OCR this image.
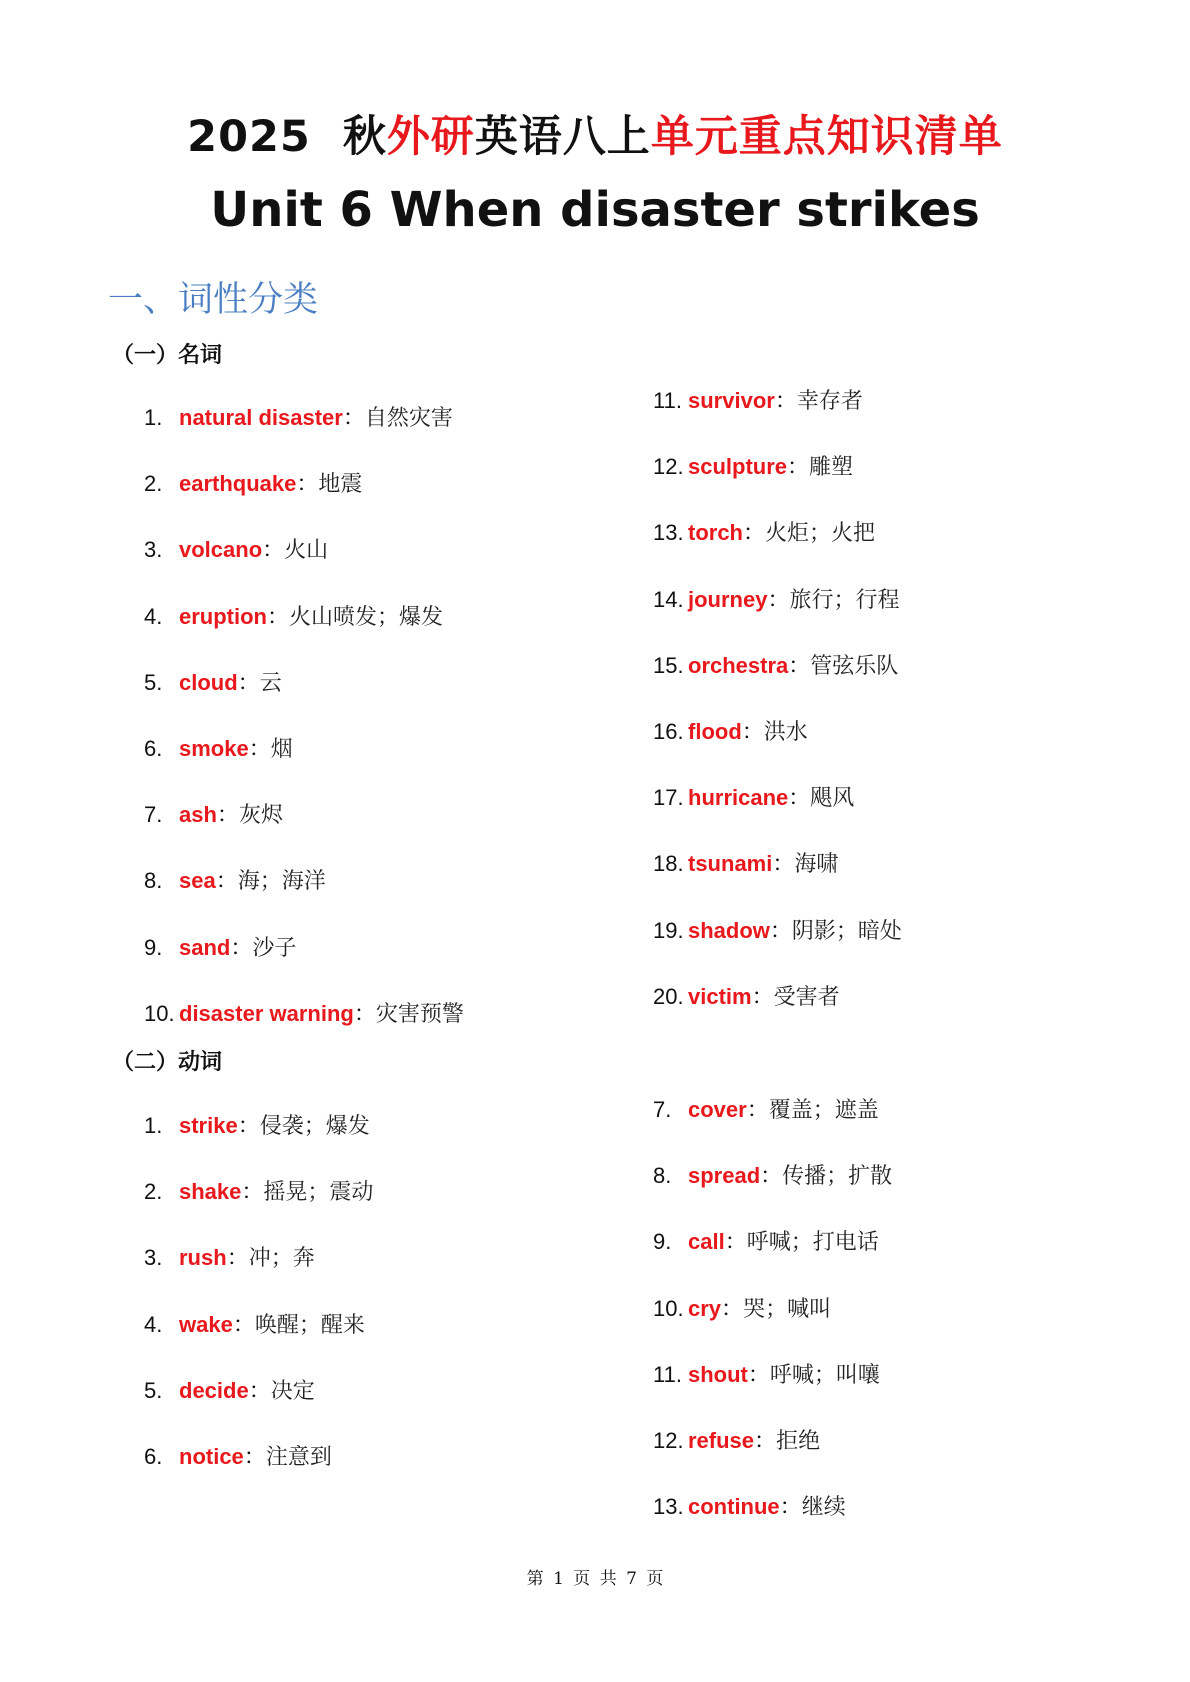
2025 秋外研英语八上单元重点知识清单
Unit 6 When disaster strikes
一、词性分类
（一）名词
1. natural disaster：自然灾害
2. earthquake：地震
3. volcano：火山
4. eruption：火山喷发；爆发
5. cloud：云
6. smoke：烟
7. ash：灰烬
8. sea：海；海洋
9. sand：沙子
10. disaster warning：灾害预警
11. survivor：幸存者
12. sculpture：雕塑
13. torch：火炬；火把
14. journey：旅行；行程
15. orchestra：管弦乐队
16. flood：洪水
17. hurricane：飓风
18. tsunami：海啸
19. shadow：阴影；暗处
20. victim：受害者
（二）动词
1. strike：侵袭；爆发
2. shake：摇晃；震动
3. rush：冲；奔
4. wake：唤醒；醒来
5. decide：决定
6. notice：注意到
7. cover：覆盖；遮盖
8. spread：传播；扩散
9. call：呼喊；打电话
10. cry：哭；喊叫
11. shout：呼喊；叫嚷
12. refuse：拒绝
13. continue：继续
第 1 页 共 7 页
